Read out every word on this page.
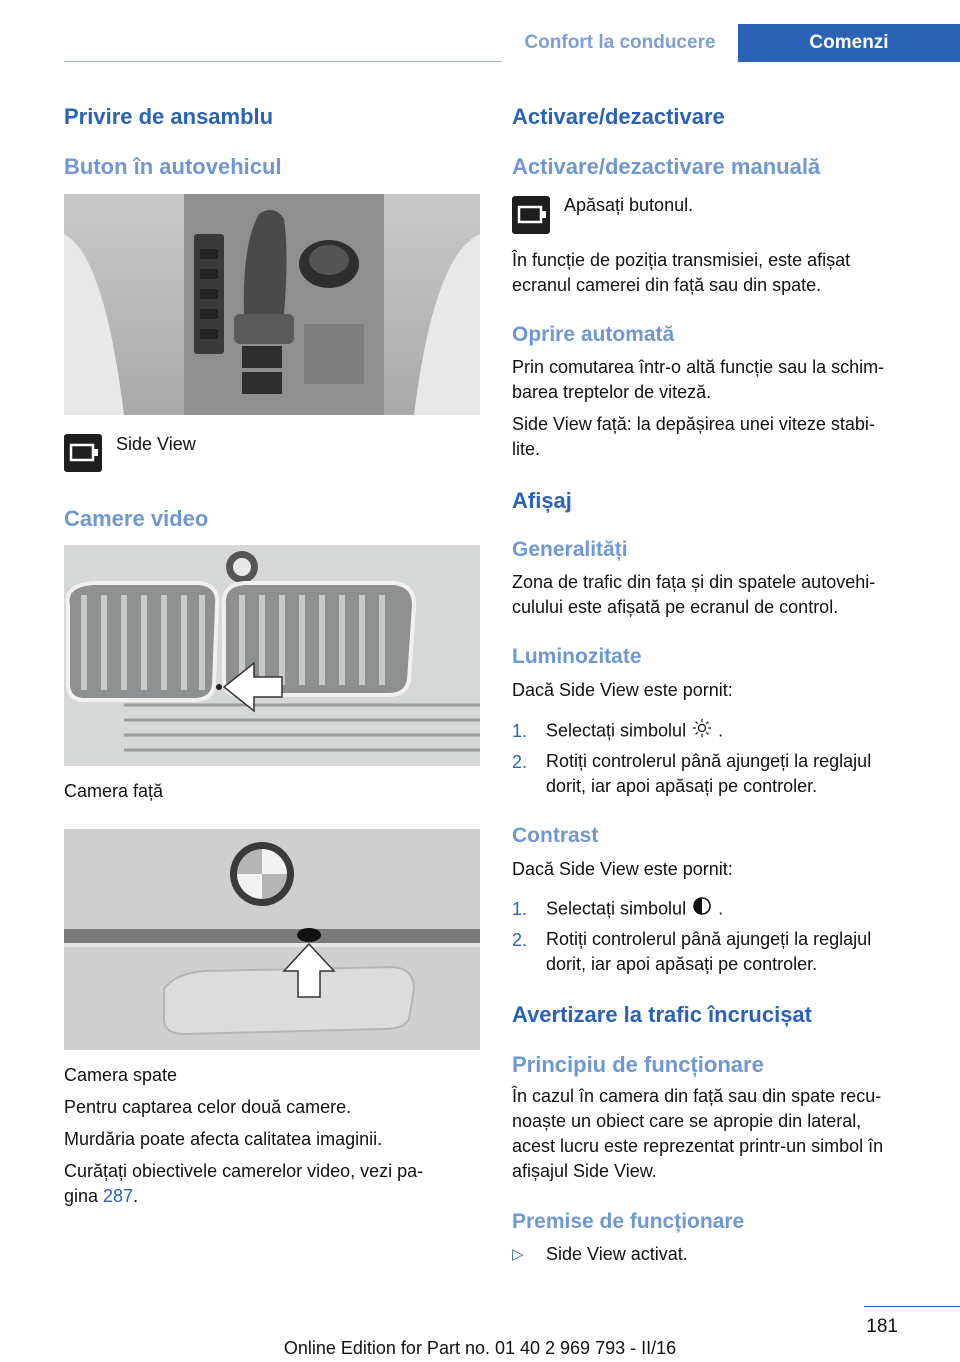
Confort la conducere	Comenzi
Privire de ansamblu
Buton în autovehicul
Side View
Camere video
Camera față
Camera spate
Pentru captarea celor două camere.
Murdăria poate afecta calitatea imaginii.
Curățați obiectivele camerelor video, vezi pa‐
gina 287.
Activare/dezactivare
Activare/dezactivare manuală
Apăsați butonul.
În funcție de poziția transmisiei, este afișat
ecranul camerei din față sau din spate.
Oprire automată
Prin comutarea într‑o altă funcție sau la schim‐
barea treptelor de viteză.
Side View față: la depășirea unei viteze stabi‐
lite.
Afișaj
Generalități
Zona de trafic din fața și din spatele autovehi‐
culului este afișată pe ecranul de control.
Luminozitate
Dacă Side View este pornit:
1. Selectați simbolul .
2. Rotiți controlerul până ajungeți la reglajul
dorit, iar apoi apăsați pe controler.
Contrast
Dacă Side View este pornit:
1. Selectați simbolul .
2. Rotiți controlerul până ajungeți la reglajul
dorit, iar apoi apăsați pe controler.
Avertizare la trafic încrucișat
Principiu de funcționare
În cazul în camera din față sau din spate recu‐
noaște un obiect care se apropie din lateral,
acest lucru este reprezentat printr‑un simbol în
afișajul Side View.
Premise de funcționare
▷ Side View activat.
181
Online Edition for Part no. 01 40 2 969 793 - II/16
